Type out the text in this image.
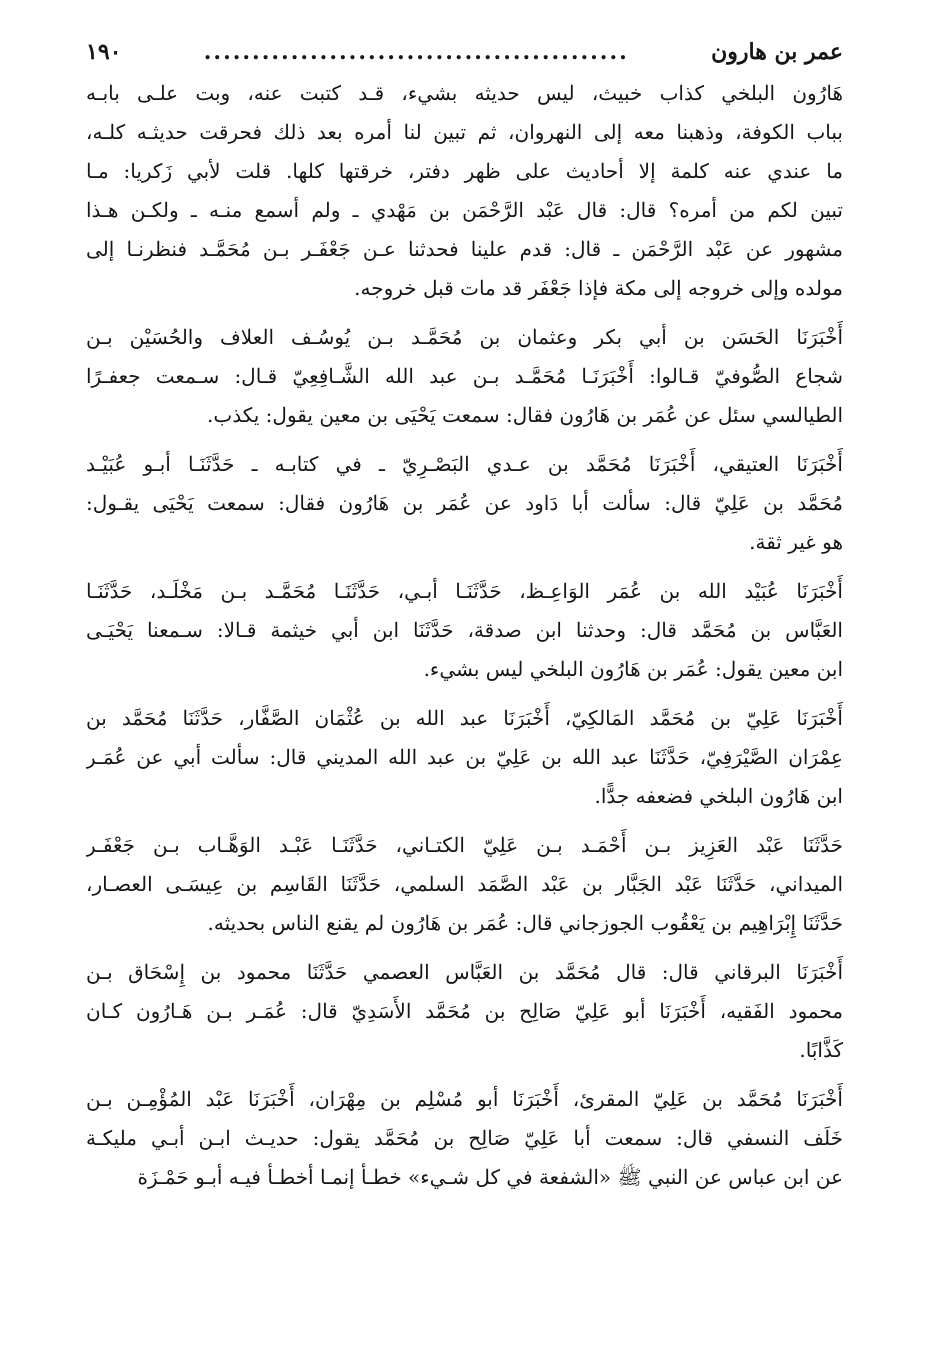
عمر بن هارون
............................................
١٩٠
هَارُون البلخي كذاب خبيث، ليس حديثه بشيء، قـد كتبت عنه، وبت علـى بابـه
بباب الكوفة، وذهبنا معه إلى النهروان، ثم تبين لنا أمره بعد ذلك فحرقت حديثـه كلـه،
ما عندي عنه كلمة إلا أحاديث على ظهر دفتر، خرقتها كلها. قلت لأبي زَكريا: مـا
تبين لكم من أمره؟ قال: قال عَبْد الرَّحْمَن بن مَهْدي ـ ولم أسمع منـه ـ ولكـن هـذا
مشهور عن عَبْد الرَّحْمَن ـ قال: قدم علينا فحدثنا عـن جَعْفَـر بـن مُحَمَّـد فنظرنـا إلى
مولده وإلى خروجه إلى مكة فإذا جَعْفَر قد مات قبل خروجه.
أَخْبَرَنَا الحَسَن بن أبي بكر وعثمان بن مُحَمَّـد بـن يُوسُـف العلاف والحُسَيْن بـن
شجاع الصُّوفيّ قـالوا: أَخْبَرَنَـا مُحَمَّـد بـن عبد الله الشَّـافِعِيّ قـال: سـمعت جعفـرًا
الطيالسي سئل عن عُمَر بن هَارُون فقال: سمعت يَحْيَى بن معين يقول: يكذب.
أَخْبَرَنَا العتيقي، أَخْبَرَنَا مُحَمَّد بن عـدي البَصْـرِيّ ـ في كتابـه ـ حَدَّثَنَـا أبـو عُبَيْـد
مُحَمَّد بن عَلِيّ قال: سألت أبا دَاود عن عُمَر بن هَارُون فقال: سمعت يَحْيَى يقـول:
هو غير ثقة.
أَخْبَرَنَا عُبَيْد الله بن عُمَر الوَاعِـظ، حَدَّثَنَـا أبـي، حَدَّثَنَـا مُحَمَّـد بـن مَخْلَـد، حَدَّثَنَـا
العَبَّاس بن مُحَمَّد قال: وحدثنا ابن صدقة، حَدَّثَنَا ابن أبي خيثمة قـالا: سـمعنا يَحْيَـى
ابن معين يقول: عُمَر بن هَارُون البلخي ليس بشيء.
أَخْبَرَنَا عَلِيّ بن مُحَمَّد المَالكِيّ، أَخْبَرَنَا عبد الله بن عُثْمَان الصَّفَّار، حَدَّثَنَا مُحَمَّد بن
عِمْرَان الصَّيْرَفِيّ، حَدَّثَنَا عبد الله بن عَلِيّ بن عبد الله المديني قال: سألت أبي عن عُمَـر
ابن هَارُون البلخي فضعفه جدًّا.
حَدَّثَنَا عَبْد العَزِيز بـن أَحْمَـد بـن عَلِيّ الكتـاني، حَدَّثَنَـا عَبْـد الوَهَّـاب بـن جَعْفَـر
الميداني، حَدَّثَنَا عَبْد الجَبَّار بن عَبْد الصَّمَد السلمي، حَدَّثَنَا القَاسِم بن عِيسَـى العصـار،
حَدَّثَنَا إِبْرَاهِيم بن يَعْقُوب الجوزجاني قال: عُمَر بن هَارُون لم يقنع الناس بحديثه.
أَخْبَرَنَا البرقاني قال: قال مُحَمَّد بن العَبَّاس العصمي حَدَّثَنَا محمود بن إِسْحَاق بـن
محمود الفَقيه، أَخْبَرَنَا أبو عَلِيّ صَالِح بن مُحَمَّد الأَسَدِيّ قال: عُمَـر بـن هَـارُون كـان
كَذَّابًا.
أَخْبَرَنَا مُحَمَّد بن عَلِيّ المقرئ، أَخْبَرَنَا أبو مُسْلِم بن مِهْرَان، أَخْبَرَنَا عَبْد المُؤْمِـن بـن
خَلَف النسفي قال: سمعت أبا عَلِيّ صَالِح بن مُحَمَّد يقول: حديـث ابـن أبـي مليكـة
عن ابن عباس عن النبي ﷺ «الشفعة في كل شـيء» خطـأ إنمـا أخطـأ فيـه أبـو حَمْـزَة
